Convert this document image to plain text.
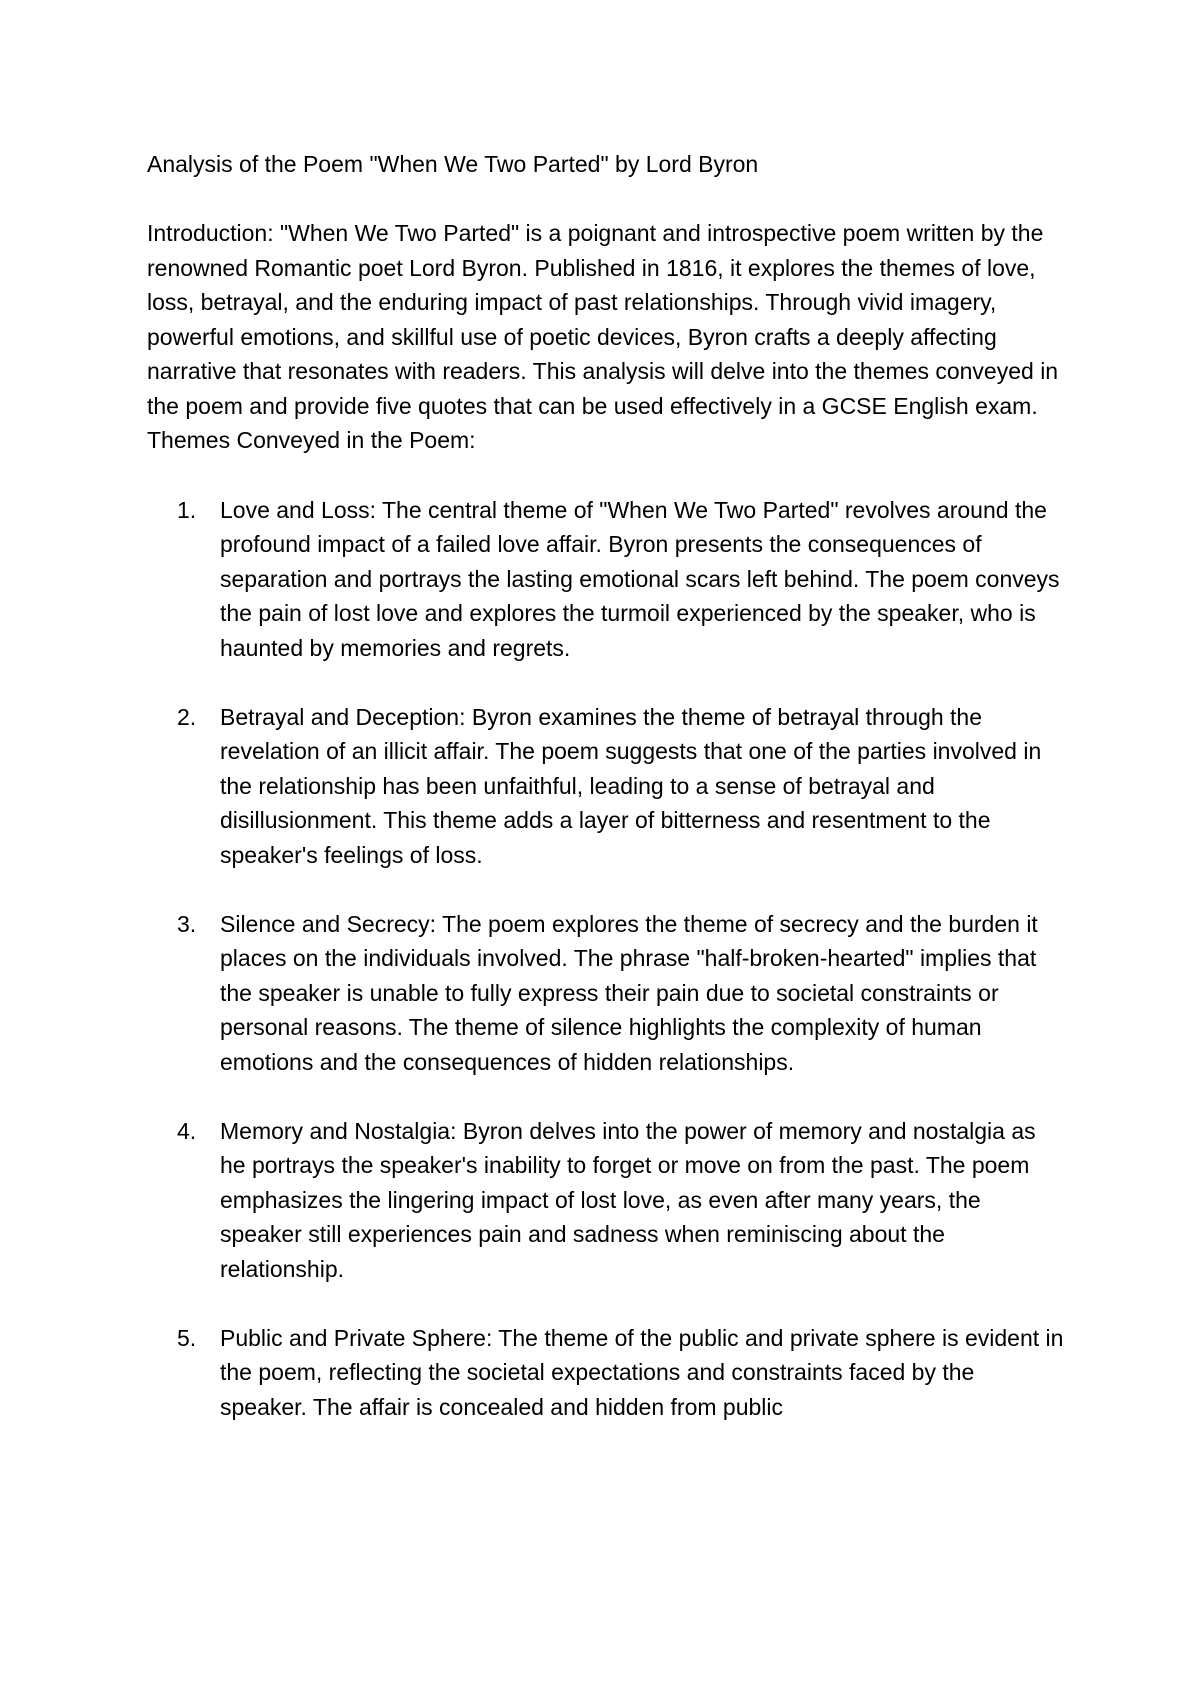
Analysis of the Poem "When We Two Parted" by Lord Byron

Introduction: "When We Two Parted" is a poignant and introspective poem written by the renowned Romantic poet Lord Byron. Published in 1816, it explores the themes of love, loss, betrayal, and the enduring impact of past relationships. Through vivid imagery, powerful emotions, and skillful use of poetic devices, Byron crafts a deeply affecting narrative that resonates with readers. This analysis will delve into the themes conveyed in the poem and provide five quotes that can be used effectively in a GCSE English exam.

Themes Conveyed in the Poem:

1.	Love and Loss: The central theme of "When We Two Parted" revolves around the profound impact of a failed love affair. Byron presents the consequences of separation and portrays the lasting emotional scars left behind. The poem conveys the pain of lost love and explores the turmoil experienced by the speaker, who is haunted by memories and regrets.
2.	Betrayal and Deception: Byron examines the theme of betrayal through the revelation of an illicit affair. The poem suggests that one of the parties involved in the relationship has been unfaithful, leading to a sense of betrayal and disillusionment. This theme adds a layer of bitterness and resentment to the speaker's feelings of loss.
3.	Silence and Secrecy: The poem explores the theme of secrecy and the burden it places on the individuals involved. The phrase "half-broken-hearted" implies that the speaker is unable to fully express their pain due to societal constraints or personal reasons. The theme of silence highlights the complexity of human emotions and the consequences of hidden relationships.
4.	Memory and Nostalgia: Byron delves into the power of memory and nostalgia as he portrays the speaker's inability to forget or move on from the past. The poem emphasizes the lingering impact of lost love, as even after many years, the speaker still experiences pain and sadness when reminiscing about the relationship.
5.	Public and Private Sphere: The theme of the public and private sphere is evident in the poem, reflecting the societal expectations and constraints faced by the speaker. The affair is concealed and hidden from public
